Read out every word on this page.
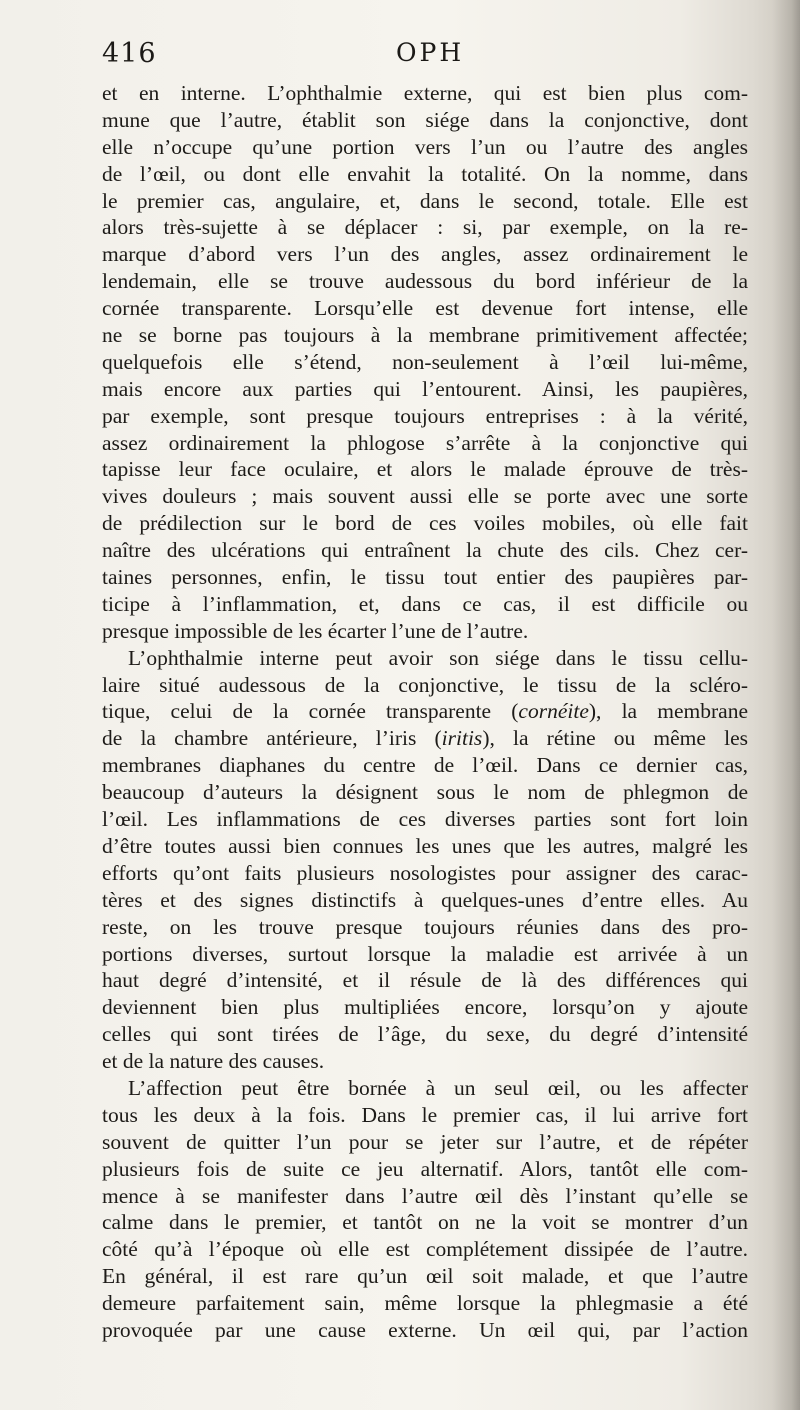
416	OPH
et en interne. L’ophthalmie externe, qui est bien plus com-
mune que l’autre, établit son siége dans la conjonctive, dont
elle n’occupe qu’une portion vers l’un ou l’autre des angles
de l’œil, ou dont elle envahit la totalité. On la nomme, dans
le premier cas, angulaire, et, dans le second, totale. Elle est
alors très-sujette à se déplacer : si, par exemple, on la re-
marque d’abord vers l’un des angles, assez ordinairement le
lendemain, elle se trouve audessous du bord inférieur de la
cornée transparente. Lorsqu’elle est devenue fort intense, elle
ne se borne pas toujours à la membrane primitivement affectée;
quelquefois elle s’étend, non-seulement à l’œil lui-même,
mais encore aux parties qui l’entourent. Ainsi, les paupières,
par exemple, sont presque toujours entreprises : à la vérité,
assez ordinairement la phlogose s’arrête à la conjonctive qui
tapisse leur face oculaire, et alors le malade éprouve de très-
vives douleurs ; mais souvent aussi elle se porte avec une sorte
de prédilection sur le bord de ces voiles mobiles, où elle fait
naître des ulcérations qui entraînent la chute des cils. Chez cer-
taines personnes, enfin, le tissu tout entier des paupières par-
ticipe à l’inflammation, et, dans ce cas, il est difficile ou
presque impossible de les écarter l’une de l’autre.
L’ophthalmie interne peut avoir son siége dans le tissu cellu-
laire situé audessous de la conjonctive, le tissu de la scléro-
tique, celui de la cornée transparente (cornéite), la membrane
de la chambre antérieure, l’iris (iritis), la rétine ou même les
membranes diaphanes du centre de l’œil. Dans ce dernier cas,
beaucoup d’auteurs la désignent sous le nom de phlegmon de
l’œil. Les inflammations de ces diverses parties sont fort loin
d’être toutes aussi bien connues les unes que les autres, malgré les
efforts qu’ont faits plusieurs nosologistes pour assigner des carac-
tères et des signes distinctifs à quelques-unes d’entre elles. Au
reste, on les trouve presque toujours réunies dans des pro-
portions diverses, surtout lorsque la maladie est arrivée à un
haut degré d’intensité, et il résule de là des différences qui
deviennent bien plus multipliées encore, lorsqu’on y ajoute
celles qui sont tirées de l’âge, du sexe, du degré d’intensité
et de la nature des causes.
L’affection peut être bornée à un seul œil, ou les affecter
tous les deux à la fois. Dans le premier cas, il lui arrive fort
souvent de quitter l’un pour se jeter sur l’autre, et de répéter
plusieurs fois de suite ce jeu alternatif. Alors, tantôt elle com-
mence à se manifester dans l’autre œil dès l’instant qu’elle se
calme dans le premier, et tantôt on ne la voit se montrer d’un
côté qu’à l’époque où elle est complétement dissipée de l’autre.
En général, il est rare qu’un œil soit malade, et que l’autre
demeure parfaitement sain, même lorsque la phlegmasie a été
provoquée par une cause externe. Un œil qui, par l’action
